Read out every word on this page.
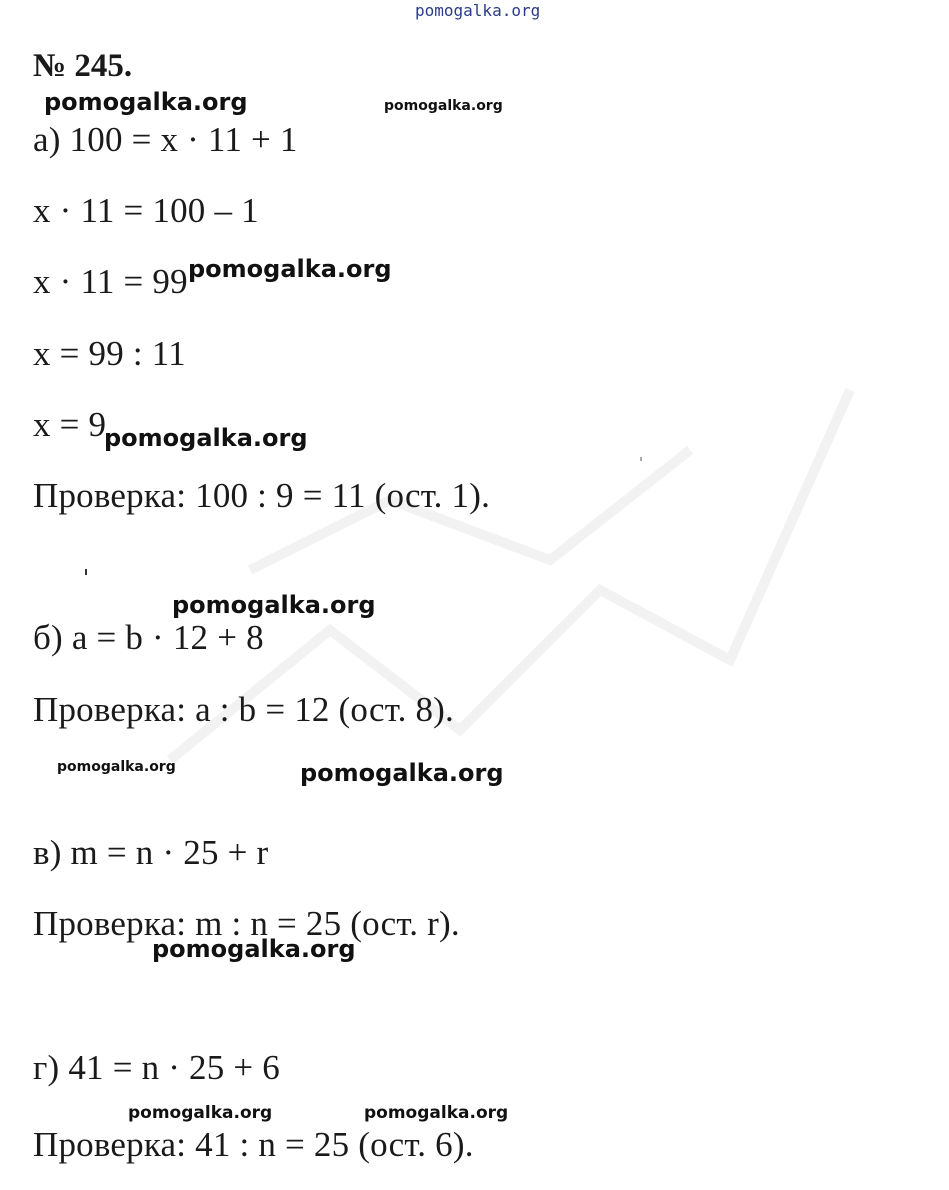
pomogalka.org
№ 245.
pomogalka.org	pomogalka.org
а) 100 = x · 11 + 1
x · 11 = 100 – 1
x · 11 = 99 pomogalka.org
x = 99 : 11
x = 9
pomogalka.org
Проверка: 100 : 9 = 11 (ост. 1).
pomogalka.org
б) a = b · 12 + 8
Проверка: a : b = 12 (ост. 8).
pomogalka.org	pomogalka.org
в) m = n · 25 + r
Проверка: m : n = 25 (ост. r).
pomogalka.org
г) 41 = n · 25 + 6
pomogalka.org	pomogalka.org
Проверка: 41 : n = 25 (ост. 6).
